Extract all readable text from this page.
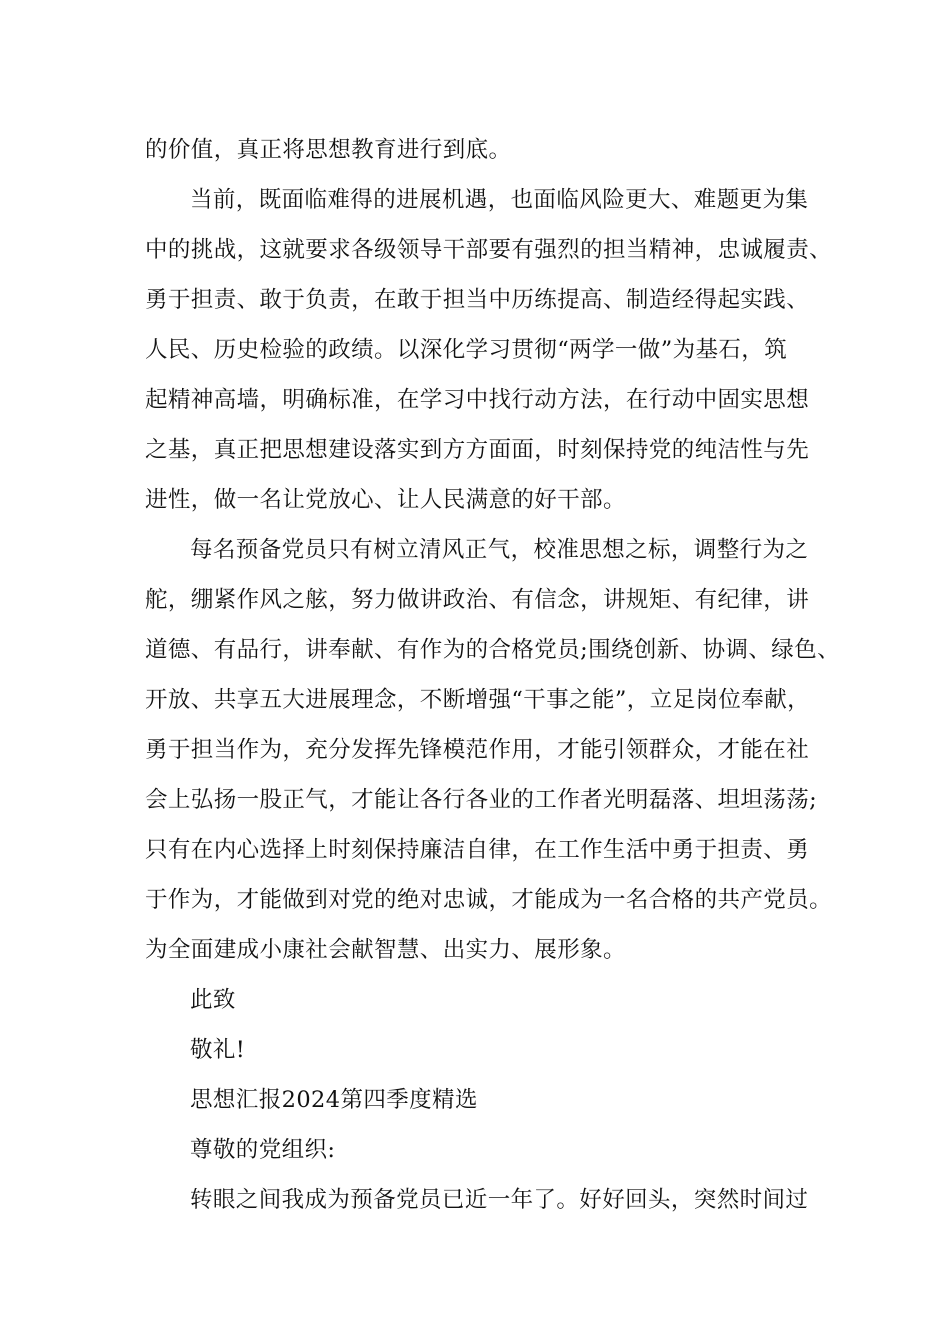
的价值，真正将思想教育进行到底。
当前，既面临难得的进展机遇，也面临风险更大、难题更为集
中的挑战，这就要求各级领导干部要有强烈的担当精神，忠诚履责、
勇于担责、敢于负责，在敢于担当中历练提高、制造经得起实践、
人民、历史检验的政绩。以深化学习贯彻“两学一做”为基石，筑
起精神高墙，明确标准，在学习中找行动方法，在行动中固实思想
之基，真正把思想建设落实到方方面面，时刻保持党的纯洁性与先
进性，做一名让党放心、让人民满意的好干部。
每名预备党员只有树立清风正气，校准思想之标，调整行为之
舵，绷紧作风之舷，努力做讲政治、有信念，讲规矩、有纪律，讲
道德、有品行，讲奉献、有作为的合格党员;围绕创新、协调、绿色、
开放、共享五大进展理念，不断增强“干事之能”，立足岗位奉献，
勇于担当作为，充分发挥先锋模范作用，才能引领群众，才能在社
会上弘扬一股正气，才能让各行各业的工作者光明磊落、坦坦荡荡;
只有在内心选择上时刻保持廉洁自律，在工作生活中勇于担责、勇
于作为，才能做到对党的绝对忠诚，才能成为一名合格的共产党员。
为全面建成小康社会献智慧、出实力、展形象。
此致
敬礼!
思想汇报2024第四季度精选
尊敬的党组织:
转眼之间我成为预备党员已近一年了。好好回头，突然时间过
